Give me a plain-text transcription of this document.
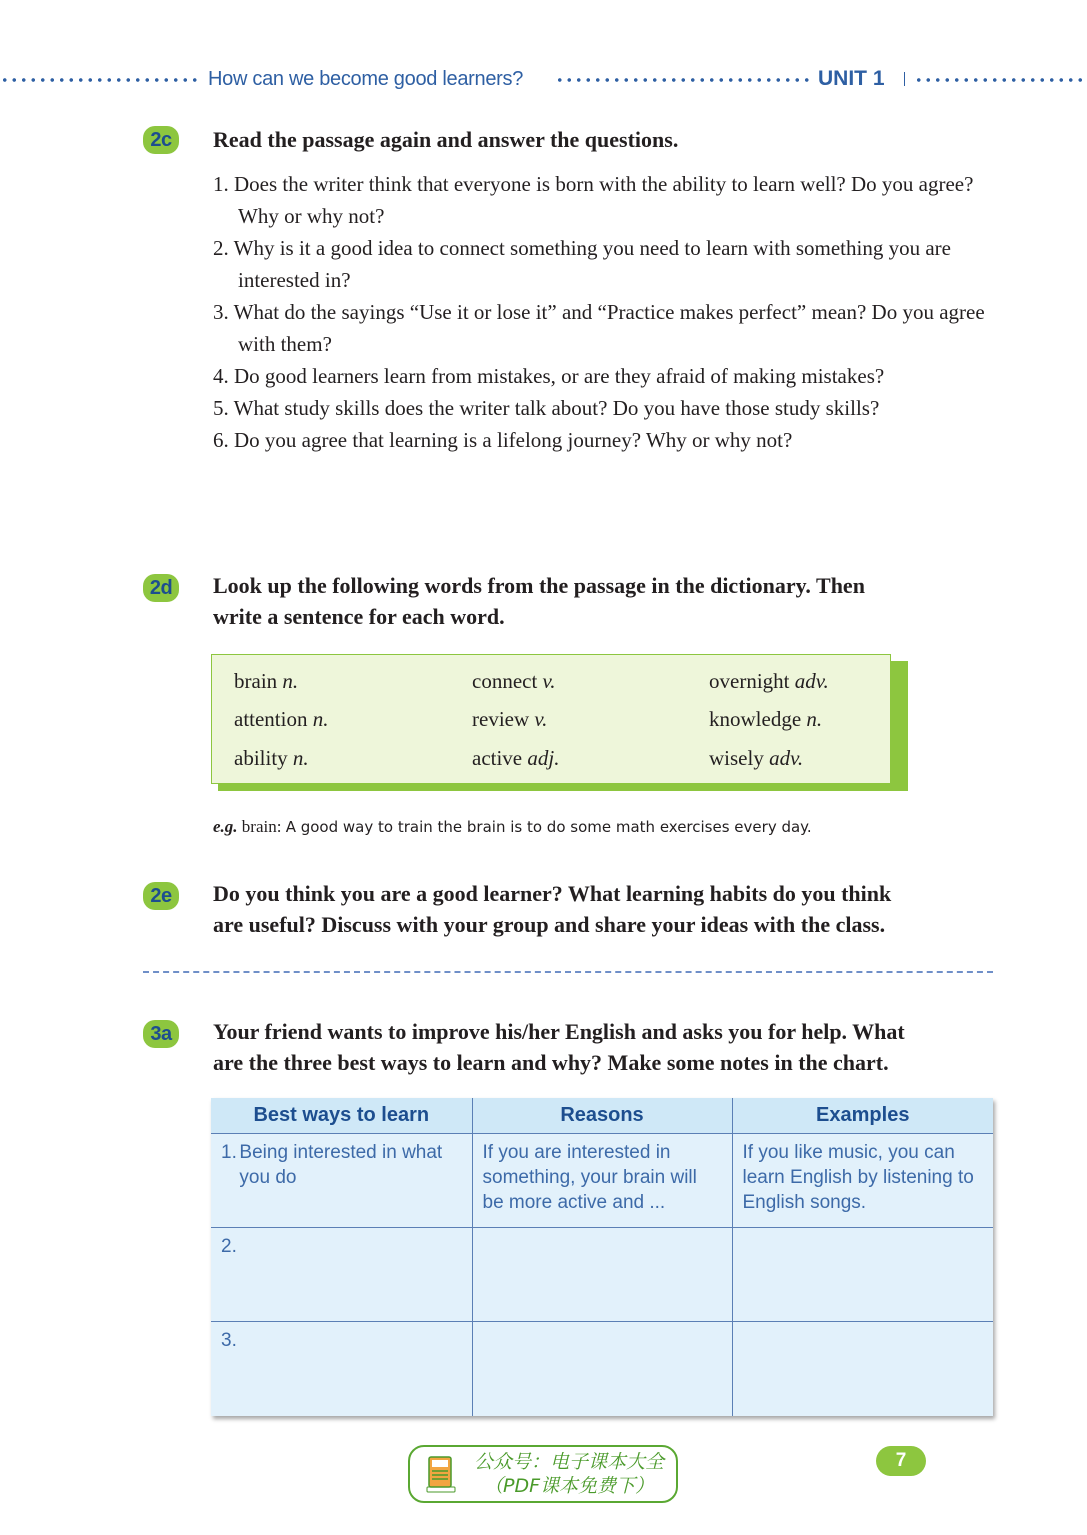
How can we become good learners?	UNIT 1
2c	Read the passage again and answer the questions.
1. Does the writer think that everyone is born with the ability to learn well? Do you agree? Why or why not?
2. Why is it a good idea to connect something you need to learn with something you are interested in?
3. What do the sayings “Use it or lose it” and “Practice makes perfect” mean? Do you agree with them?
4. Do good learners learn from mistakes, or are they afraid of making mistakes?
5. What study skills does the writer talk about? Do you have those study skills?
6. Do you agree that learning is a lifelong journey? Why or why not?
2d	Look up the following words from the passage in the dictionary. Then
write a sentence for each word.
brain n.	connect v.	overnight adv.
attention n.	review v.	knowledge n.
ability n.	active adj.	wisely adv.
e.g. brain: A good way to train the brain is to do some math exercises every day.
2e	Do you think you are a good learner? What learning habits do you think
are useful? Discuss with your group and share your ideas with the class.
3a	Your friend wants to improve his/her English and asks you for help. What
are the three best ways to learn and why? Make some notes in the chart.
Best ways to learn	Reasons	Examples

1. Being interested in what you do	If you are interested in something, your brain will be more active and ...	If you like music, you can learn English by listening to English songs.
2.		
3.		
公众号：电子课本大全
（PDF课本免费下）
7
